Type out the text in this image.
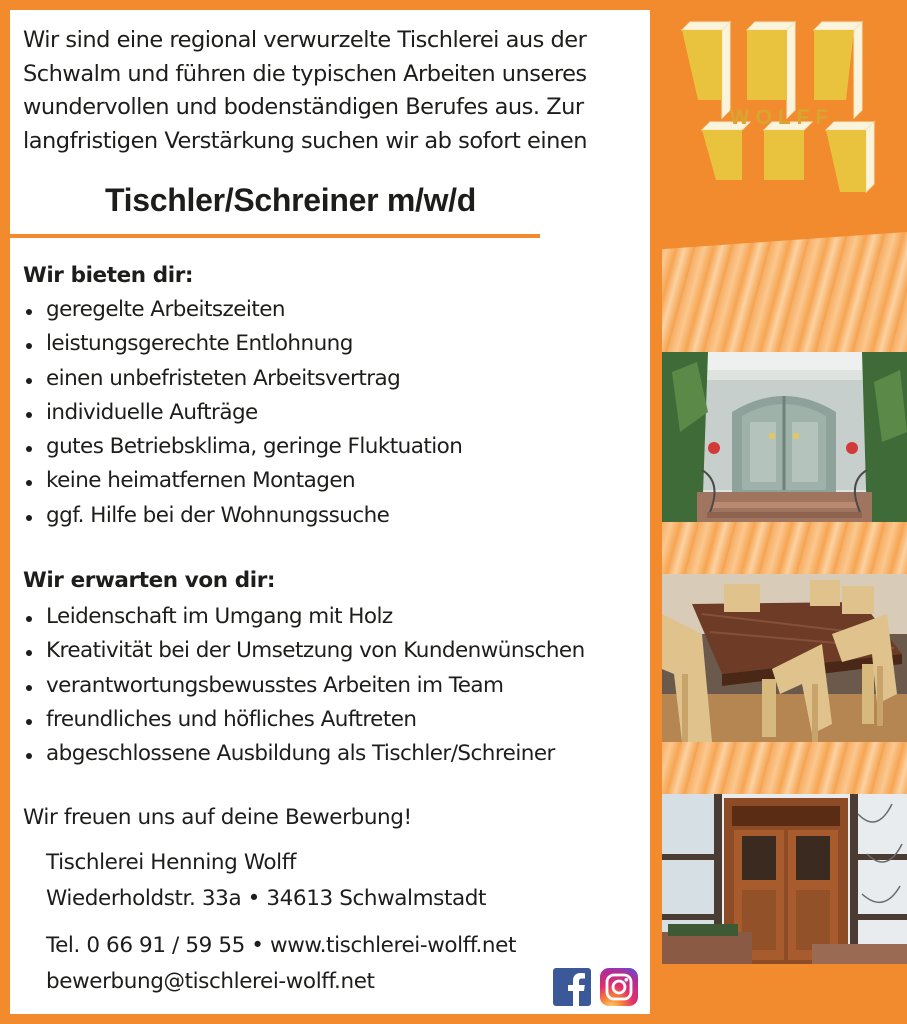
Wir sind eine regional verwurzelte Tischlerei aus der
Schwalm und führen die typischen Arbeiten unseres
wundervollen und bodenständigen Berufes aus. Zur
langfristigen Verstärkung suchen wir ab sofort einen

Tischler/Schreiner m/w/d
Wir bieten dir:
geregelte Arbeitszeiten
leistungsgerechte Entlohnung
einen unbefristeten Arbeitsvertrag
individuelle Aufträge
gutes Betriebsklima, geringe Fluktuation
keine heimatfernen Montagen
ggf. Hilfe bei der Wohnungssuche
Wir erwarten von dir:
Leidenschaft im Umgang mit Holz
Kreativität bei der Umsetzung von Kundenwünschen
verantwortungsbewusstes Arbeiten im Team
freundliches und höfliches Auftreten
abgeschlossene Ausbildung als Tischler/Schreiner

Wir freuen uns auf deine Bewerbung!

Tischlerei Henning Wolff

Wiederholdstr. 33a • 34613 Schwalmstadt

Tel. 0 66 91 / 59 55 • www.tischlerei-wolff.net

bewerbung@tischlerei-wolff.net

WOLFF
